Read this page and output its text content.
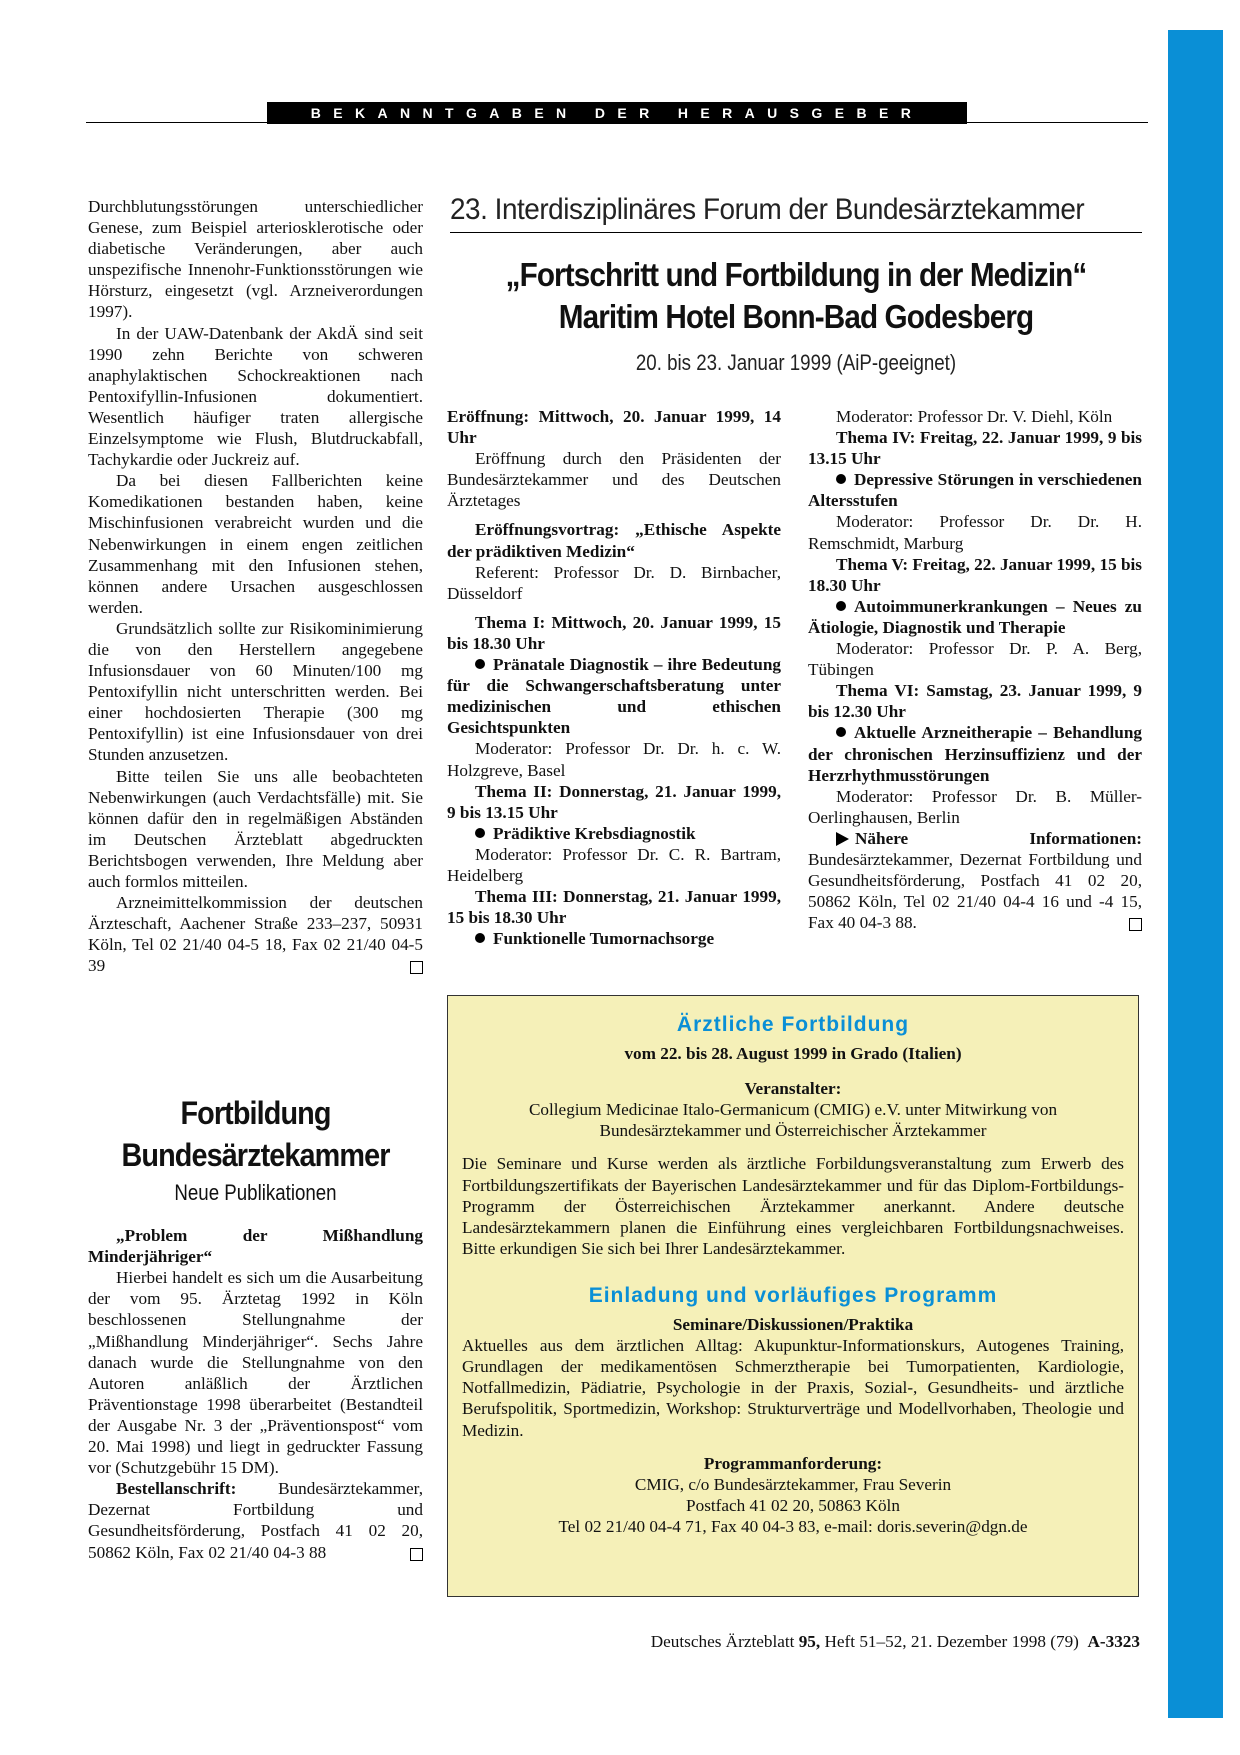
BEKANNTGABEN DER HERAUSGEBER

Durchblutungsstörungen unterschiedlicher Genese, zum Beispiel arteriosklerotische oder diabetische Veränderungen, aber auch unspezifische Innenohr-Funktionsstörungen wie Hörsturz, eingesetzt (vgl. Arzneiverordungen 1997).

In der UAW-Datenbank der AkdÄ sind seit 1990 zehn Berichte von schweren anaphylaktischen Schockreaktionen nach Pentoxifyllin-Infusionen dokumentiert. Wesentlich häufiger traten allergische Einzelsymptome wie Flush, Blutdruckabfall, Tachykardie oder Juckreiz auf.

Da bei diesen Fallberichten keine Komedikationen bestanden haben, keine Mischinfusionen verabreicht wurden und die Nebenwirkungen in einem engen zeitlichen Zusammenhang mit den Infusionen stehen, können andere Ursachen ausgeschlossen werden.

Grundsätzlich sollte zur Risikominimierung die von den Herstellern angegebene Infusionsdauer von 60 Minuten/100 mg Pentoxifyllin nicht unterschritten werden. Bei einer hochdosierten Therapie (300 mg Pentoxifyllin) ist eine Infusionsdauer von drei Stunden anzusetzen.

Bitte teilen Sie uns alle beobachteten Nebenwirkungen (auch Verdachtsfälle) mit. Sie können dafür den in regelmäßigen Abständen im Deutschen Ärzteblatt abgedruckten Berichtsbogen verwenden, Ihre Meldung aber auch formlos mitteilen.

Arzneimittelkommission der deutschen Ärzteschaft, Aachener Straße 233–237, 50931 Köln, Tel 02 21/40 04-5 18, Fax 02 21/40 04-5 39

Fortbildung
Bundesärztekammer
Neue Publikationen

„Problem der Mißhandlung Minderjähriger“

Hierbei handelt es sich um die Ausarbeitung der vom 95. Ärztetag 1992 in Köln beschlossenen Stellungnahme der „Mißhandlung Minderjähriger“. Sechs Jahre danach wurde die Stellungnahme von den Autoren anläßlich der Ärztlichen Präventionstage 1998 überarbeitet (Bestandteil der Ausgabe Nr. 3 der „Präventionspost“ vom 20. Mai 1998) und liegt in gedruckter Fassung vor (Schutzgebühr 15 DM).

Bestellanschrift: Bundesärztekammer, Dezernat Fortbildung und Gesundheitsförderung, Postfach 41 02 20, 50862 Köln, Fax 02 21/40 04-3 88

23. Interdisziplinäres Forum der Bundesärztekammer
„Fortschritt und Fortbildung in der Medizin“
Maritim Hotel Bonn-Bad Godesberg
20. bis 23. Januar 1999 (AiP-geeignet)

Eröffnung: Mittwoch, 20. Januar 1999, 14 Uhr

Eröffnung durch den Präsidenten der Bundesärztekammer und des Deutschen Ärztetages

Eröffnungsvortrag: „Ethische Aspekte der prädiktiven Medizin“

Referent: Professor Dr. D. Birnbacher, Düsseldorf

Thema I: Mittwoch, 20. Januar 1999, 15 bis 18.30 Uhr

Pränatale Diagnostik – ihre Bedeutung für die Schwangerschaftsberatung unter medizinischen und ethischen Gesichtspunkten

Moderator: Professor Dr. Dr. h. c. W. Holzgreve, Basel

Thema II: Donnerstag, 21. Januar 1999, 9 bis 13.15 Uhr

Prädiktive Krebsdiagnostik

Moderator: Professor Dr. C. R. Bartram, Heidelberg

Thema III: Donnerstag, 21. Januar 1999, 15 bis 18.30 Uhr

Funktionelle Tumornachsorge

Moderator: Professor Dr. V. Diehl, Köln

Thema IV: Freitag, 22. Januar 1999, 9 bis 13.15 Uhr

Depressive Störungen in verschiedenen Altersstufen

Moderator: Professor Dr. Dr. H. Remschmidt, Marburg

Thema V: Freitag, 22. Januar 1999, 15 bis 18.30 Uhr

Autoimmunerkrankungen – Neues zu Ätiologie, Diagnostik und Therapie

Moderator: Professor Dr. P. A. Berg, Tübingen

Thema VI: Samstag, 23. Januar 1999, 9 bis 12.30 Uhr

Aktuelle Arzneitherapie – Behandlung der chronischen Herzinsuffizienz und der Herzrhythmusstörungen

Moderator: Professor Dr. B. Müller-Oerlinghausen, Berlin

Nähere Informationen: Bundesärztekammer, Dezernat Fortbildung und Gesundheitsförderung, Postfach 41 02 20, 50862 Köln, Tel 02 21/40 04-4 16 und -4 15, Fax 40 04-3 88.

Ärztliche Fortbildung

vom 22. bis 28. August 1999 in Grado (Italien)

Veranstalter:

Collegium Medicinae Italo-Germanicum (CMIG) e.V. unter Mitwirkung von Bundesärztekammer und Österreichischer Ärztekammer

Die Seminare und Kurse werden als ärztliche Forbildungsveranstaltung zum Erwerb des Fortbildungszertifikats der Bayerischen Landesärztekammer und für das Diplom-Fortbildungs-Programm der Österreichischen Ärztekammer anerkannt. Andere deutsche Landesärztekammern planen die Einführung eines vergleichbaren Fortbildungsnachweises. Bitte erkundigen Sie sich bei Ihrer Landesärztekammer.

Einladung und vorläufiges Programm

Seminare/Diskussionen/Praktika

Aktuelles aus dem ärztlichen Alltag: Akupunktur-Informationskurs, Autogenes Training, Grundlagen der medikamentösen Schmerztherapie bei Tumorpatienten, Kardiologie, Notfallmedizin, Pädiatrie, Psychologie in der Praxis, Sozial-, Gesundheits- und ärztliche Berufspolitik, Sportmedizin, Workshop: Strukturverträge und Modellvorhaben, Theologie und Medizin.

Programmanforderung:

CMIG, c/o Bundesärztekammer, Frau Severin

Postfach 41 02 20, 50863 Köln

Tel 02 21/40 04-4 71, Fax 40 04-3 83, e-mail: doris.severin@dgn.de

Deutsches Ärzteblatt 95, Heft 51–52, 21. Dezember 1998 (79) A-3323
